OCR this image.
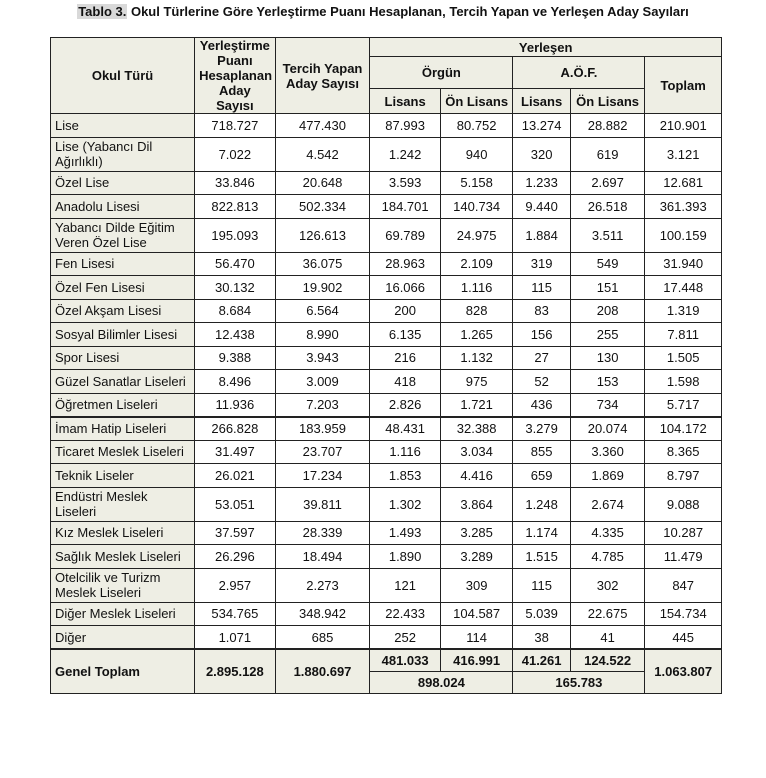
Tablo 3. Okul Türlerine Göre Yerleştirme Puanı Hesaplanan, Tercih Yapan ve Yerleşen Aday Sayıları
Okul Türü	Yerleştirme Puanı Hesaplanan Aday Sayısı	Tercih Yapan Aday Sayısı	Yerleşen				
			Örgün		A.Ö.F.		Toplam
			Lisans	Ön Lisans	Lisans	Ön Lisans	
Lise	718.727	477.430	87.993	80.752	13.274	28.882	210.901
Lise (Yabancı Dil Ağırlıklı)	7.022	4.542	1.242	940	320	619	3.121
Özel Lise	33.846	20.648	3.593	5.158	1.233	2.697	12.681
Anadolu Lisesi	822.813	502.334	184.701	140.734	9.440	26.518	361.393
Yabancı Dilde Eğitim Veren Özel Lise	195.093	126.613	69.789	24.975	1.884	3.511	100.159
Fen Lisesi	56.470	36.075	28.963	2.109	319	549	31.940
Özel Fen Lisesi	30.132	19.902	16.066	1.116	115	151	17.448
Özel Akşam Lisesi	8.684	6.564	200	828	83	208	1.319
Sosyal Bilimler Lisesi	12.438	8.990	6.135	1.265	156	255	7.811
Spor Lisesi	9.388	3.943	216	1.132	27	130	1.505
Güzel Sanatlar Liseleri	8.496	3.009	418	975	52	153	1.598
Öğretmen Liseleri	11.936	7.203	2.826	1.721	436	734	5.717
İmam Hatip Liseleri	266.828	183.959	48.431	32.388	3.279	20.074	104.172
Ticaret Meslek Liseleri	31.497	23.707	1.116	3.034	855	3.360	8.365
Teknik Liseler	26.021	17.234	1.853	4.416	659	1.869	8.797
Endüstri Meslek Liseleri	53.051	39.811	1.302	3.864	1.248	2.674	9.088
Kız Meslek Liseleri	37.597	28.339	1.493	3.285	1.174	4.335	10.287
Sağlık Meslek Liseleri	26.296	18.494	1.890	3.289	1.515	4.785	11.479
Otelcilik ve Turizm Meslek Liseleri	2.957	2.273	121	309	115	302	847
Diğer Meslek Liseleri	534.765	348.942	22.433	104.587	5.039	22.675	154.734
Diğer	1.071	685	252	114	38	41	445
Genel Toplam	2.895.128	1.880.697	481.033	416.991	41.261	124.522	1.063.807
			898.024		165.783		
